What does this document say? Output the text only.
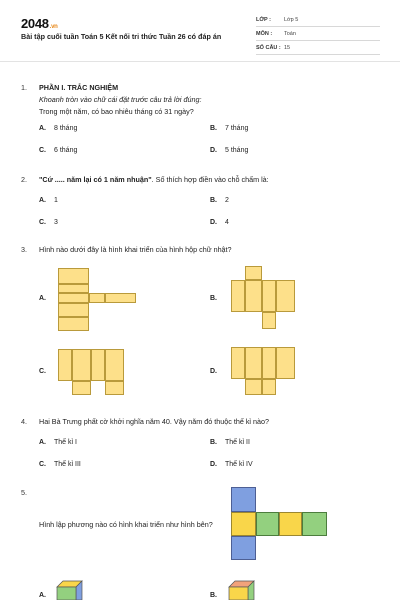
2048.vn
Bài tập cuối tuần Toán 5 Kết nối tri thức Tuần 26 có đáp án
LỚP : Lớp 5
MÔN : Toán
SỐ CÂU : 15
1. PHẦN I. TRẮC NGHIỆM
Khoanh tròn vào chữ cái đặt trước câu trả lời đúng:
Trong một năm, có bao nhiêu tháng có 31 ngày?
A. 8 tháng	B. 7 tháng
C. 6 tháng	D. 5 tháng
2. "Cứ ..... năm lại có 1 năm nhuận". Số thích hợp điền vào chỗ chấm là:
A. 1	B. 2
C. 3	D. 4
3. Hình nào dưới đây là hình khai triển của hình hộp chữ nhật?
A.	B.
C.	D.
4. Hai Bà Trưng phất cờ khởi nghĩa năm 40. Vậy năm đó thuộc thế kỉ nào?
A. Thế kỉ I	B. Thế kỉ II
C. Thế kỉ III	D. Thế kỉ IV
5.
Hình lập phương nào có hình khai triển như hình bên?
A.	B.
